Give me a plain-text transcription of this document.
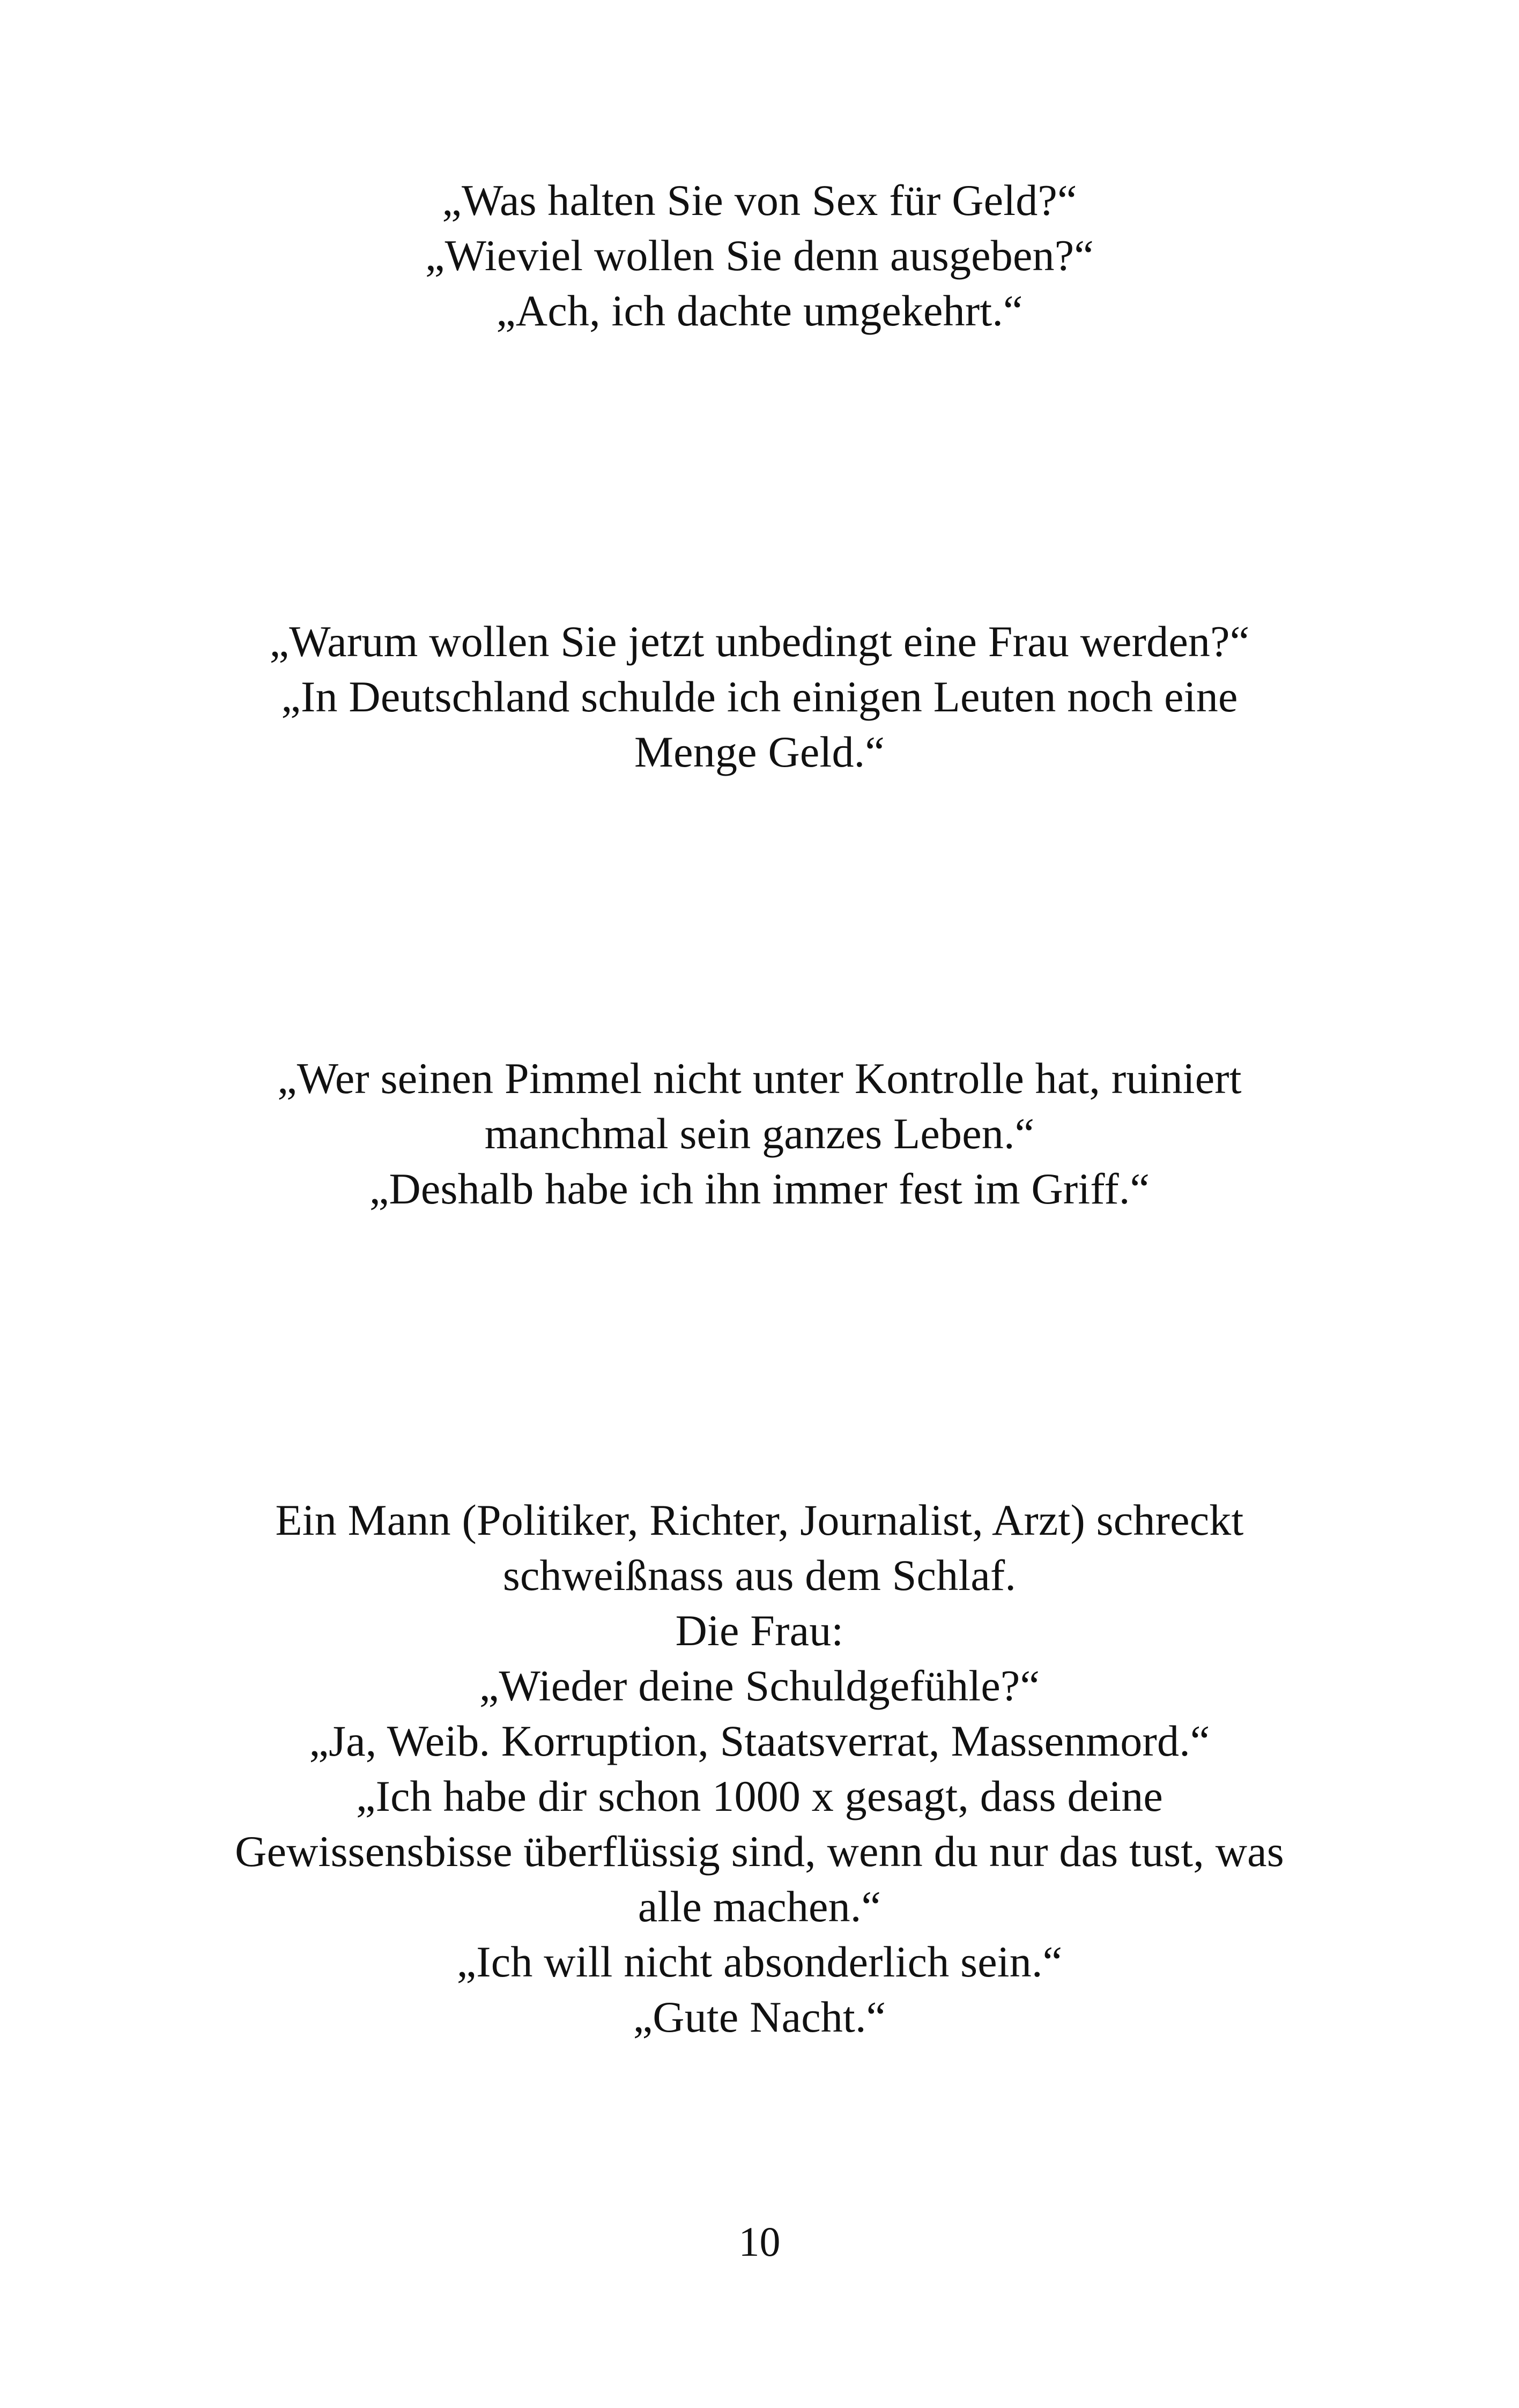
„Was halten Sie von Sex für Geld?“
„Wieviel wollen Sie denn ausgeben?“
„Ach, ich dachte umgekehrt.“
„Warum wollen Sie jetzt unbedingt eine Frau werden?“
„In Deutschland schulde ich einigen Leuten noch eine
Menge Geld.“
„Wer seinen Pimmel nicht unter Kontrolle hat, ruiniert
manchmal sein ganzes Leben.“
„Deshalb habe ich ihn immer fest im Griff.“
Ein Mann (Politiker, Richter, Journalist, Arzt) schreckt
schweißnass aus dem Schlaf.
Die Frau:
„Wieder deine Schuldgefühle?“
„Ja, Weib. Korruption, Staatsverrat, Massenmord.“
„Ich habe dir schon 1000 x gesagt, dass deine
Gewissensbisse überflüssig sind, wenn du nur das tust, was
alle machen.“
„Ich will nicht absonderlich sein.“
„Gute Nacht.“
10
